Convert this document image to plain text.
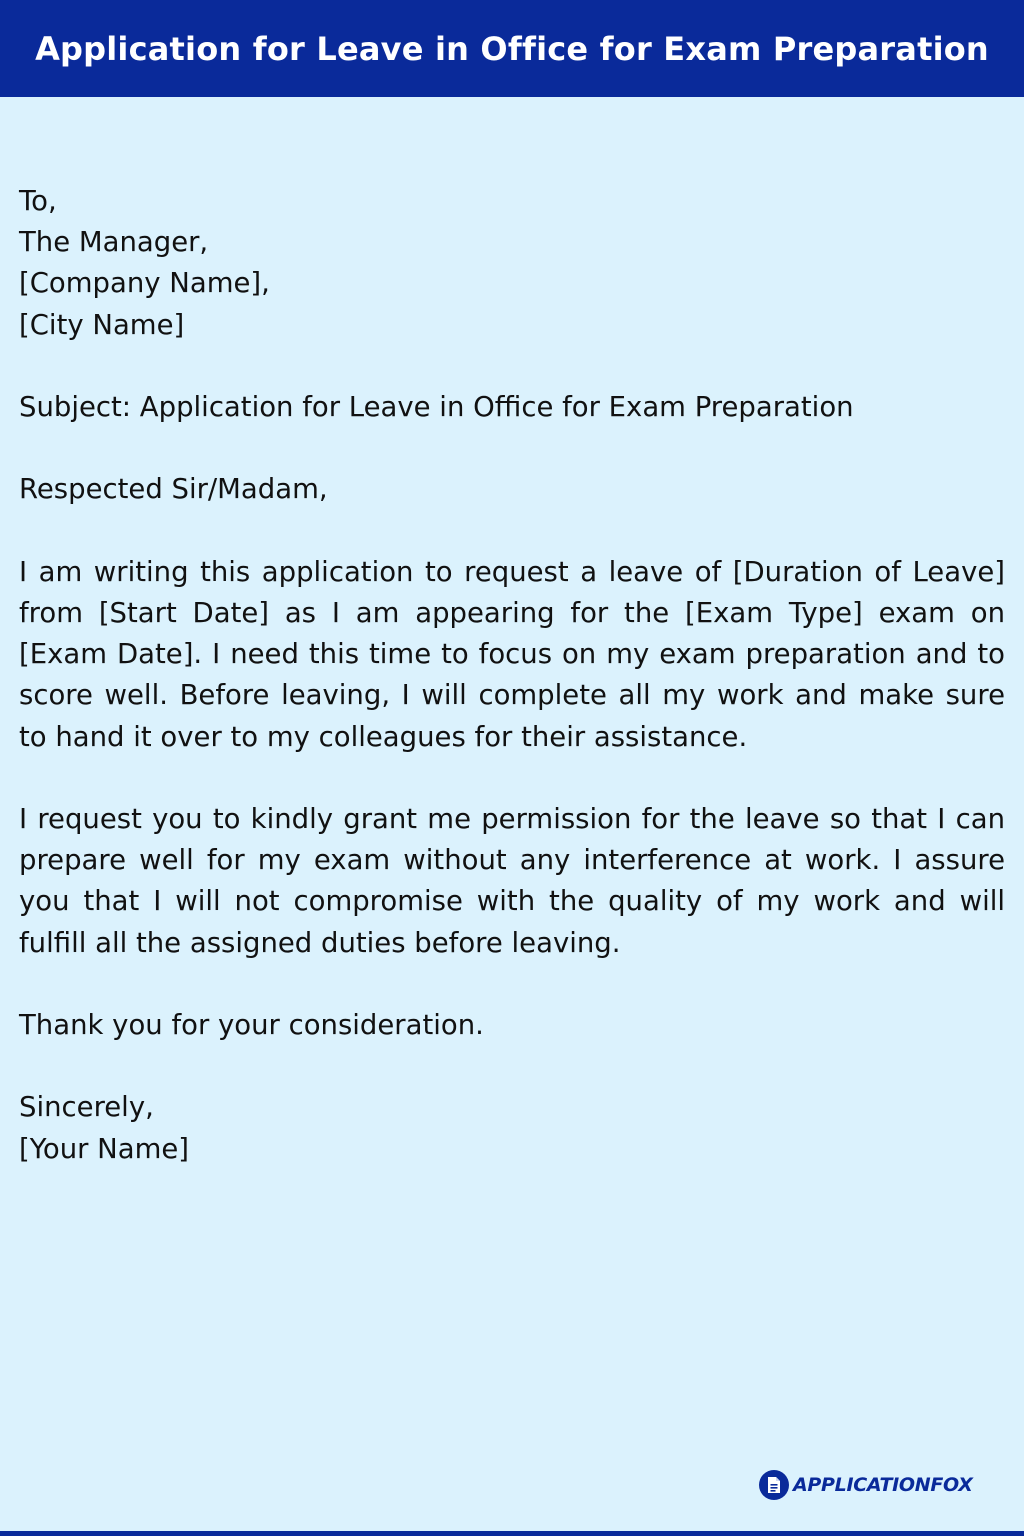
Application for Leave in Office for Exam Preparation
To,
The Manager,
[Company Name],
[City Name]
Subject: Application for Leave in Office for Exam Preparation
Respected Sir/Madam,

I am writing this application to request a leave of [Duration of Leave] from [Start Date] as I am appearing for the [Exam Type] exam on [Exam Date]. I need this time to focus on my exam preparation and to score well. Before leaving, I will complete all my work and make sure to hand it over to my colleagues for their assistance.

I request you to kindly grant me permission for the leave so that I can prepare well for my exam without any interference at work. I assure you that I will not compromise with the quality of my work and will fulfill all the assigned duties before leaving.

Thank you for your consideration.
Sincerely,
[Your Name]
APPLICATIONFOX
